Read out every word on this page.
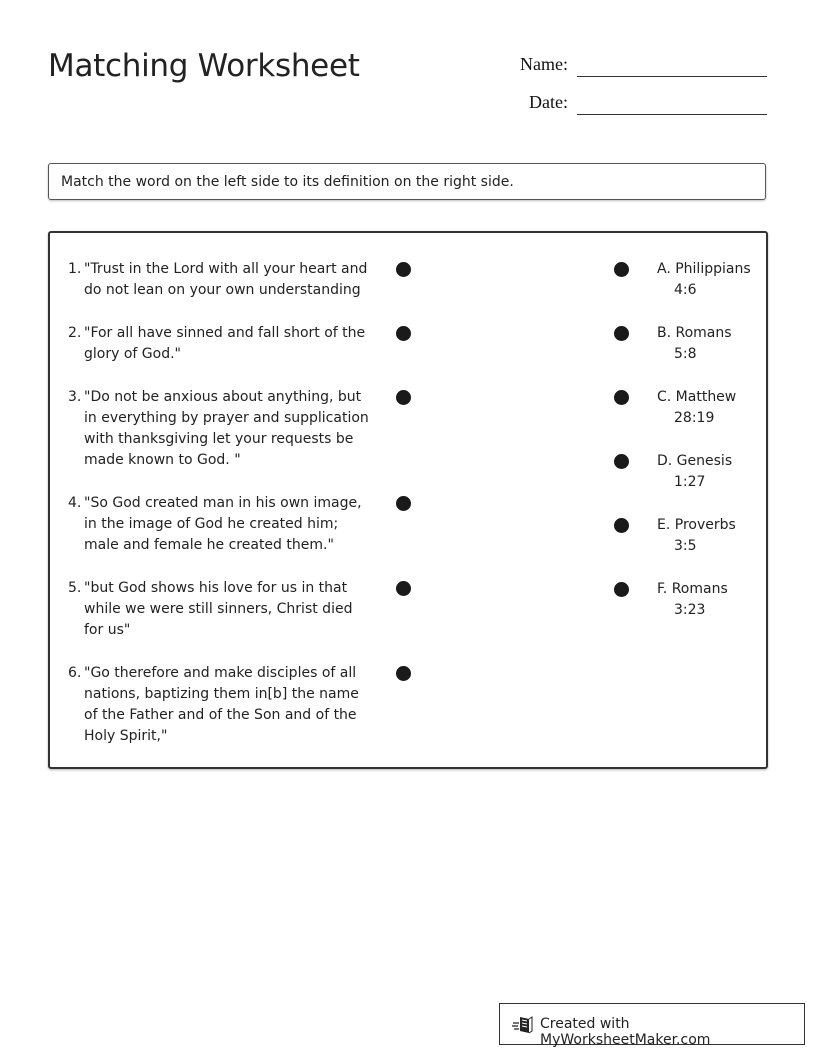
Matching Worksheet	Name:
Date:
Match the word on the left side to its definition on the right side.
1. "Trust in the Lord with all your heart and do not lean on your own understanding
2. "For all have sinned and fall short of the glory of God."
3. "Do not be anxious about anything, but in everything by prayer and supplication with thanksgiving let your requests be made known to God. "
4. "So God created man in his own image, in the image of God he created him; male and female he created them."
5. "but God shows his love for us in that while we were still sinners, Christ died for us"
6. "Go therefore and make disciples of all nations, baptizing them in[b] the name of the Father and of the Son and of the Holy Spirit,"
A. Philippians
4:6
B. Romans
5:8
C. Matthew
28:19
D. Genesis
1:27
E. Proverbs
3:5
F. Romans
3:23
Created with MyWorksheetMaker.com
